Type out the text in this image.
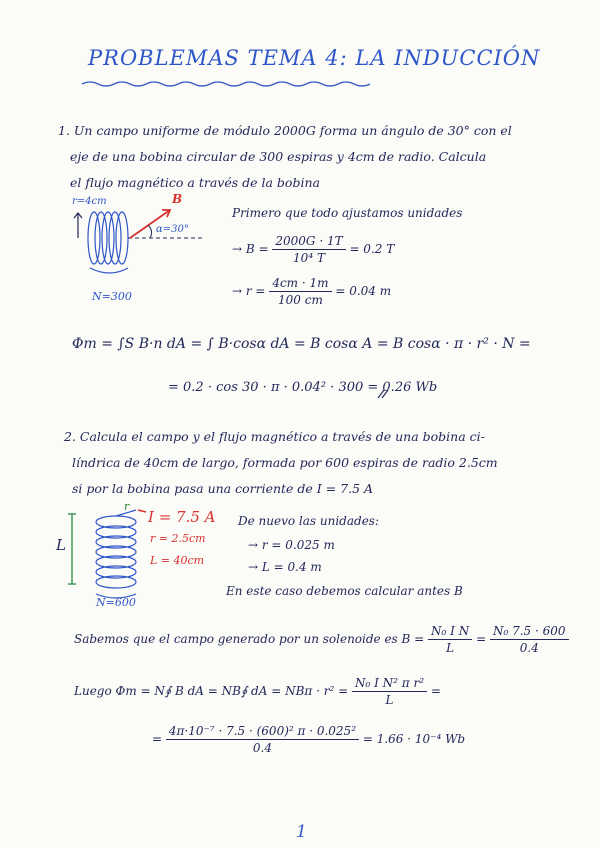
PROBLEMAS TEMA 4: LA INDUCCIÓN
1. Un campo uniforme de módulo 2000G forma un ángulo de 30° con el
eje de una bobina circular de 300 espiras y 4cm de radio. Calcula
el flujo magnético a través de la bobina
r=4cm	B
α=30°
N=300
Primero que todo ajustamos unidades
→ $B = \frac{2000G \cdot 1T}{\text{10⁴ T}} = 0.2$ T
→ $r = \frac{4cm \cdot 1m}{100 cm} = 0.04$ m
Φm = ∫S B·n dA = ∫ B·cosα dA = B cosα A = B cosα · π · r² · N =
= 0.2 · cos 30 · π · 0.04² · 300 = 0.26 Wb
2. Calcula el campo y el flujo magnético a través de una bobina ci-
líndrica de 40cm de largo, formada por 600 espiras de radio 2.5cm
si por la bobina pasa una corriente de I = 7.5 A
r
I = 7.5 A
r = 2.5cm
L = 40cm
L
N=600
De nuevo las unidades:
→ r = 0.025 m
→ L = 0.4 m
En este caso debemos calcular antes B
Sabemos que el campo generado por un solenoide es $B = \frac{\text{N₀ I N}}{L} = \frac{\text{N₀ 7.5 · 600}}{0.4}$
Luego Φm = N∮ B dA = NB∮ dA = $NB\pi \cdot r^2 = \frac{\text{N₀ I N² π r²}}{L}$ =
= $\frac{\text{4π·10⁻⁷ · 7.5 · (600)² π · 0.025²}}{0.4} = 1.66 \cdot 10^{-4}$ Wb
1
